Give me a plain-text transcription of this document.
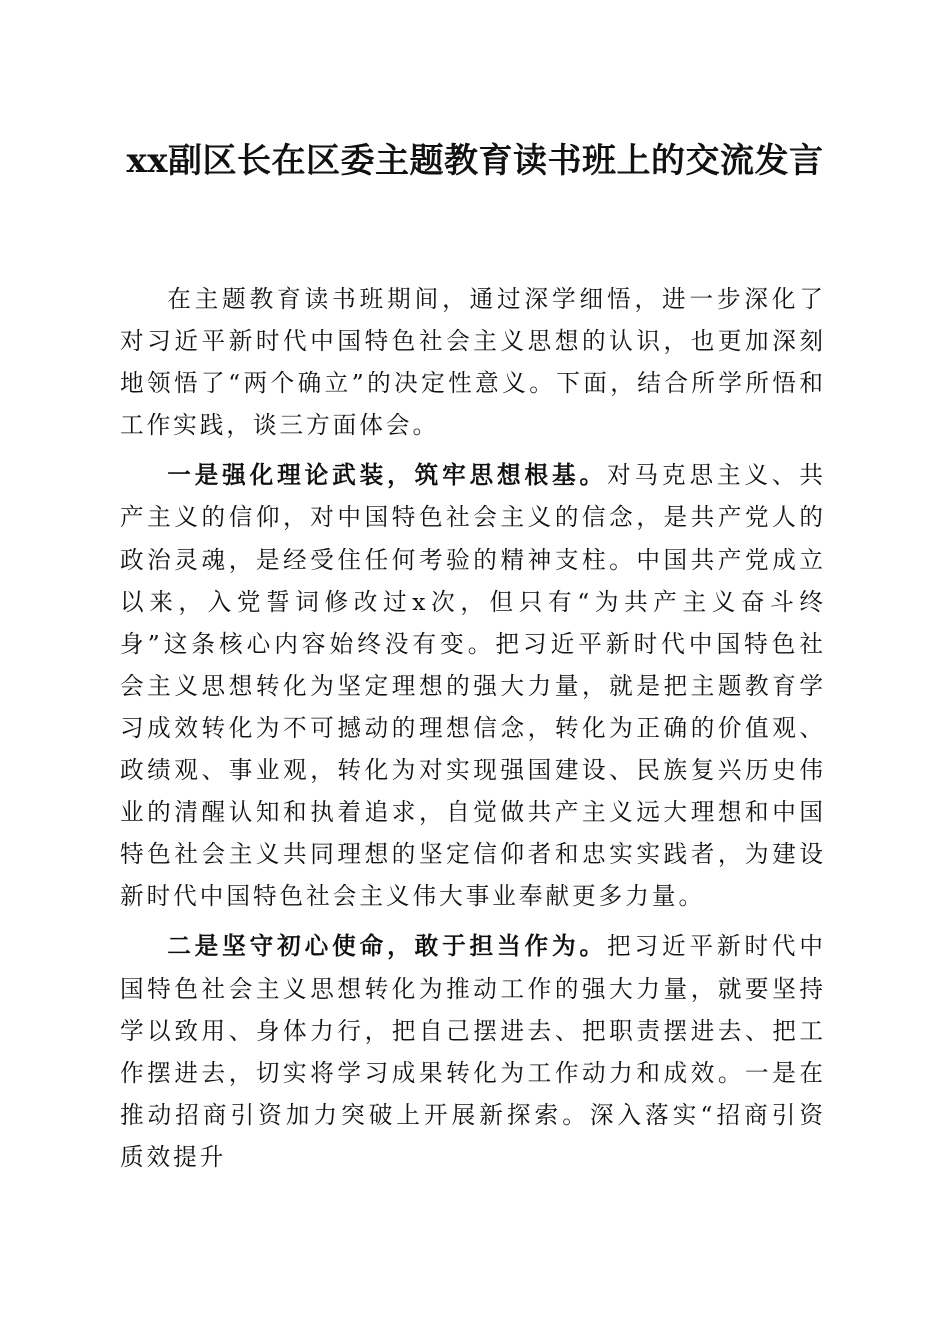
xx副区长在区委主题教育读书班上的交流发言

在主题教育读书班期间，通过深学细悟，进一步深化了对习近平新时代中国特色社会主义思想的认识，也更加深刻地领悟了“两个确立”的决定性意义。下面，结合所学所悟和工作实践，谈三方面体会。

一是强化理论武装，筑牢思想根基。对马克思主义、共产主义的信仰，对中国特色社会主义的信念，是共产党人的政治灵魂，是经受住任何考验的精神支柱。中国共产党成立以来，入党誓词修改过x次，但只有“为共产主义奋斗终身”这条核心内容始终没有变。把习近平新时代中国特色社会主义思想转化为坚定理想的强大力量，就是把主题教育学习成效转化为不可撼动的理想信念，转化为正确的价值观、政绩观、事业观，转化为对实现强国建设、民族复兴历史伟业的清醒认知和执着追求，自觉做共产主义远大理想和中国特色社会主义共同理想的坚定信仰者和忠实实践者，为建设新时代中国特色社会主义伟大事业奉献更多力量。

二是坚守初心使命，敢于担当作为。把习近平新时代中国特色社会主义思想转化为推动工作的强大力量，就要坚持学以致用、身体力行，把自己摆进去、把职责摆进去、把工作摆进去，切实将学习成果转化为工作动力和成效。一是在推动招商引资加力突破上开展新探索。深入落实“招商引资质效提升
